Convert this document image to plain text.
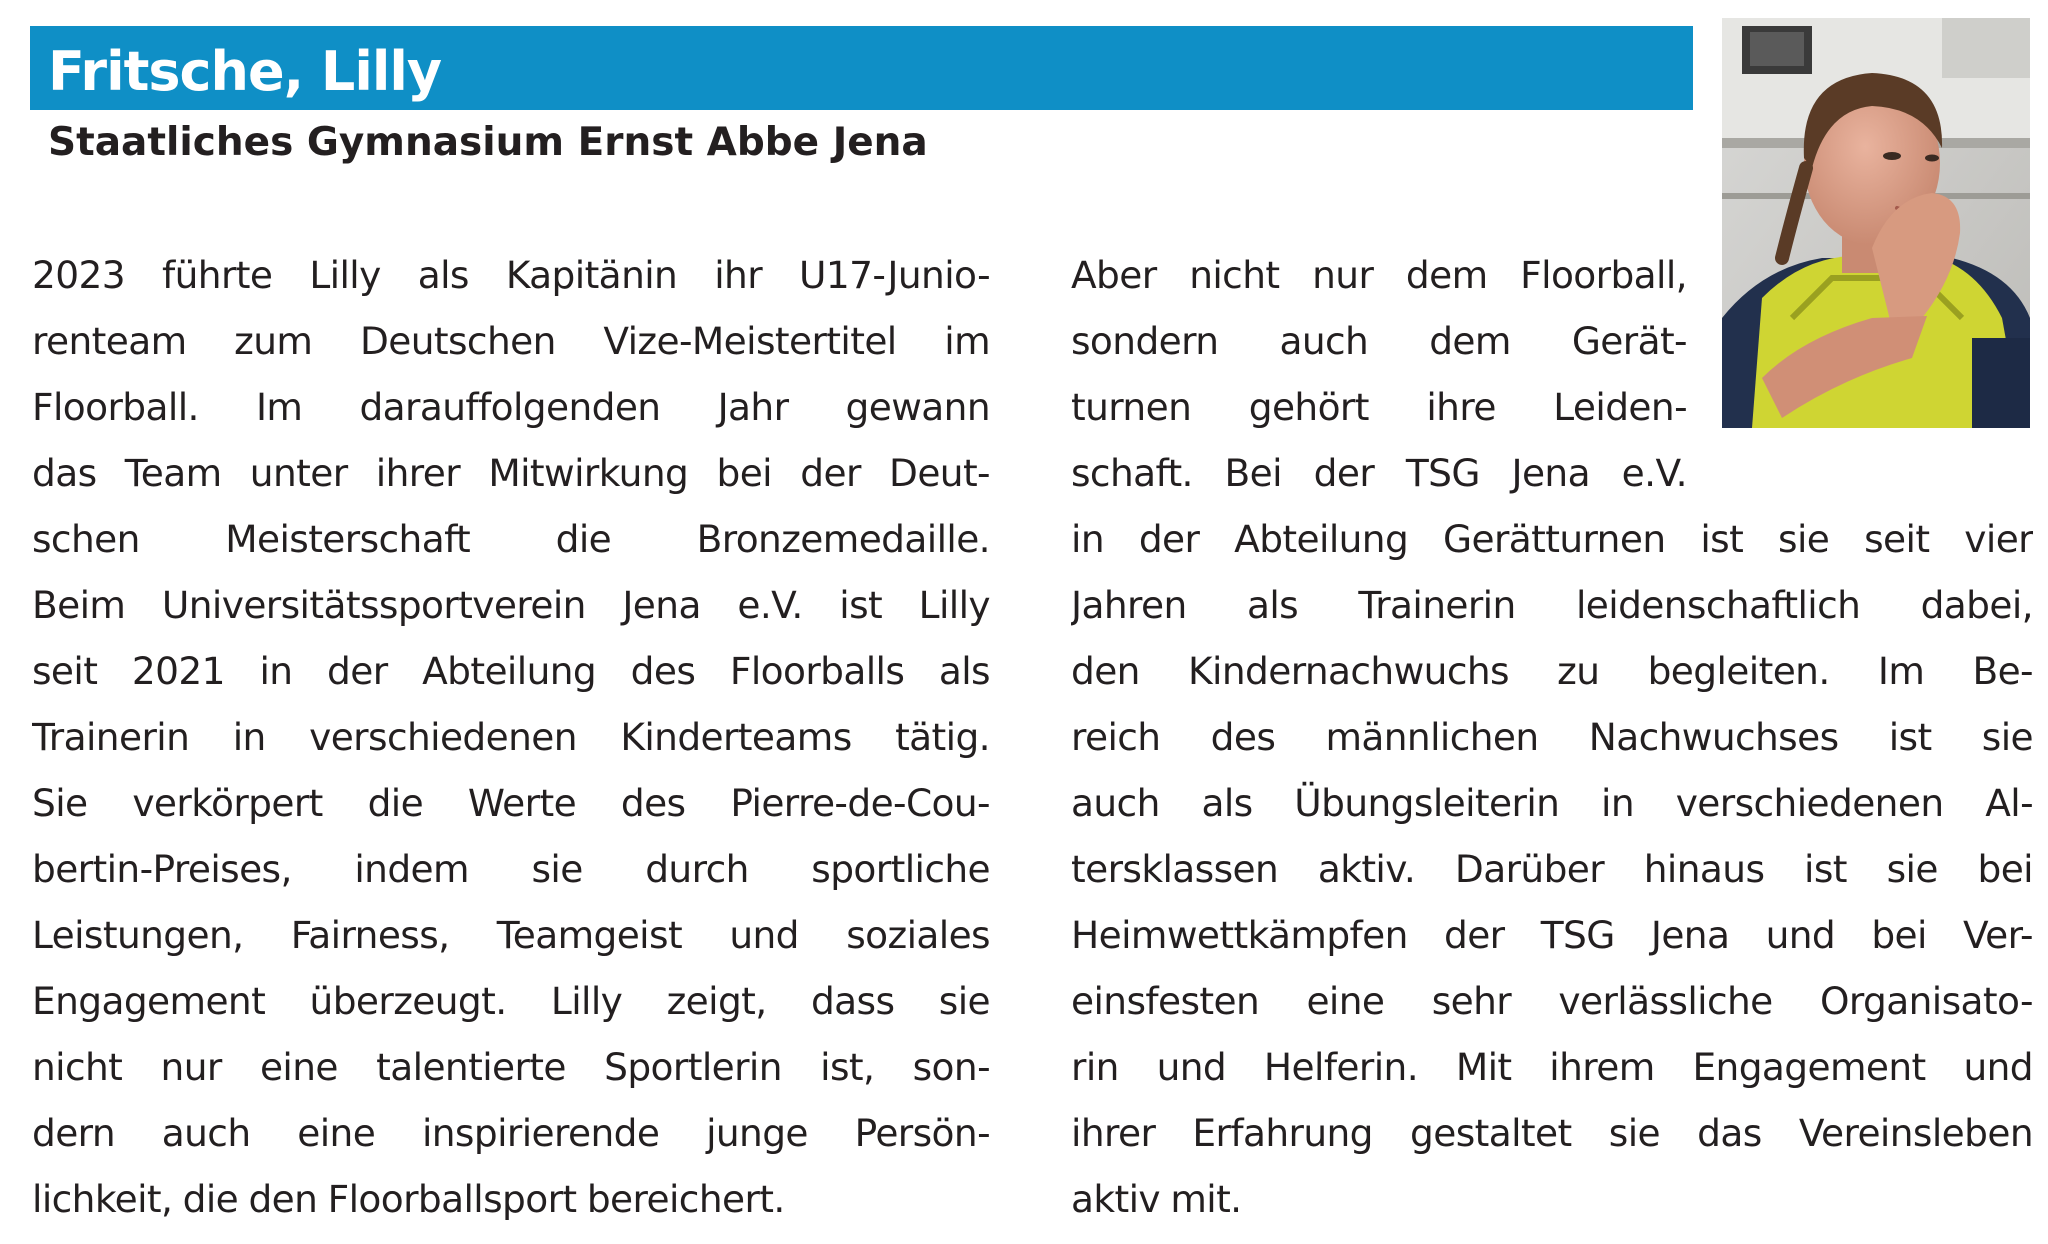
Fritsche, Lilly
Staatliches Gymnasium Ernst Abbe Jena
2023 führte Lilly als Kapitänin ihr U17-Junio-
renteam zum Deutschen Vize-Meistertitel im
Floorball. Im darauffolgenden Jahr gewann
das Team unter ihrer Mitwirkung bei der Deut-
schen Meisterschaft die Bronzemedaille.
Beim Universitätssportverein Jena e.V. ist Lilly
seit 2021 in der Abteilung des Floorballs als
Trainerin in verschiedenen Kinderteams tätig.
Sie verkörpert die Werte des Pierre-de-Cou-
bertin-Preises, indem sie durch sportliche
Leistungen, Fairness, Teamgeist und soziales
Engagement überzeugt. Lilly zeigt, dass sie
nicht nur eine talentierte Sportlerin ist, son-
dern auch eine inspirierende junge Persön-
lichkeit, die den Floorballsport bereichert.
Aber nicht nur dem Floorball,
sondern auch dem Gerät-
turnen gehört ihre Leiden-
schaft. Bei der TSG Jena e.V.
in der Abteilung Gerätturnen ist sie seit vier
Jahren als Trainerin leidenschaftlich dabei,
den Kindernachwuchs zu begleiten. Im Be-
reich des männlichen Nachwuchses ist sie
auch als Übungsleiterin in verschiedenen Al-
tersklassen aktiv. Darüber hinaus ist sie bei
Heimwettkämpfen der TSG Jena und bei Ver-
einsfesten eine sehr verlässliche Organisato-
rin und Helferin. Mit ihrem Engagement und
ihrer Erfahrung gestaltet sie das Vereinsleben
aktiv mit.
